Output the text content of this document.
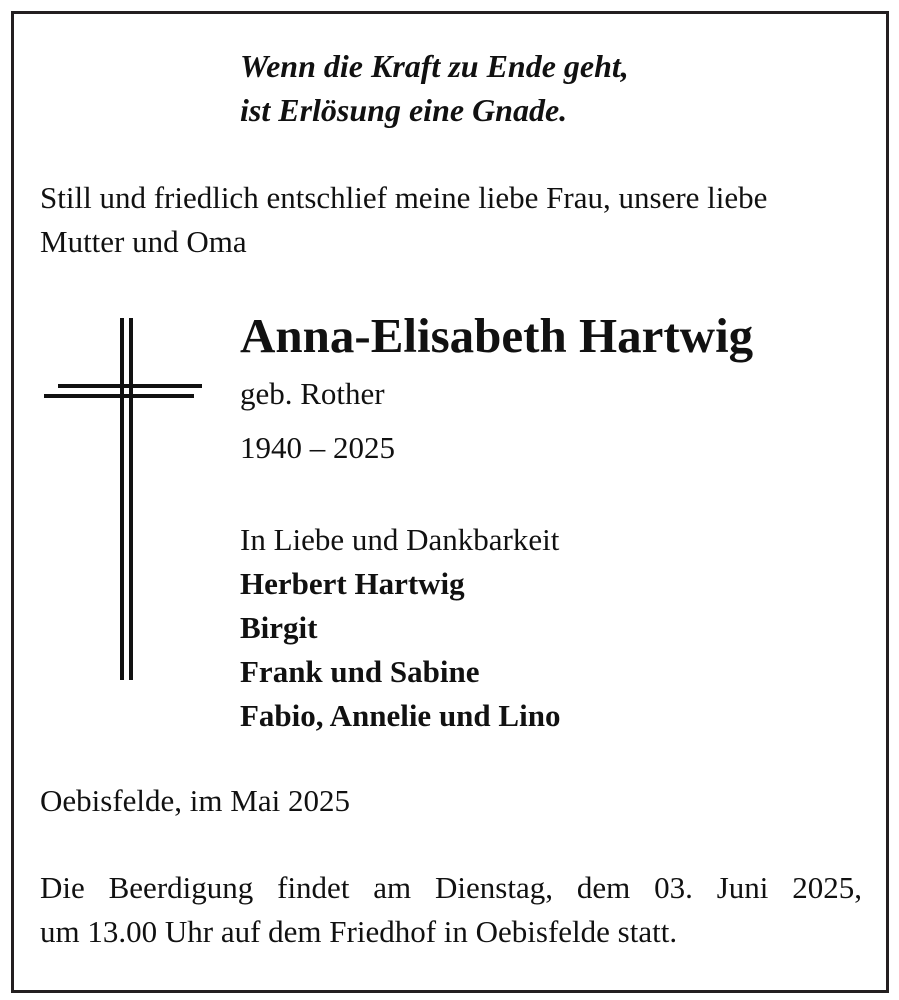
Wenn die Kraft zu Ende geht,
ist Erlösung eine Gnade.
Still und friedlich entschlief meine liebe Frau, unsere liebe
Mutter und Oma
Anna-Elisabeth Hartwig
geb. Rother
1940 – 2025
In Liebe und Dankbarkeit
Herbert Hartwig
Birgit
Frank und Sabine
Fabio, Annelie und Lino
Oebisfelde, im Mai 2025
Die Beerdigung findet am Dienstag, dem 03. Juni 2025,
um 13.00 Uhr auf dem Friedhof in Oebisfelde statt.
